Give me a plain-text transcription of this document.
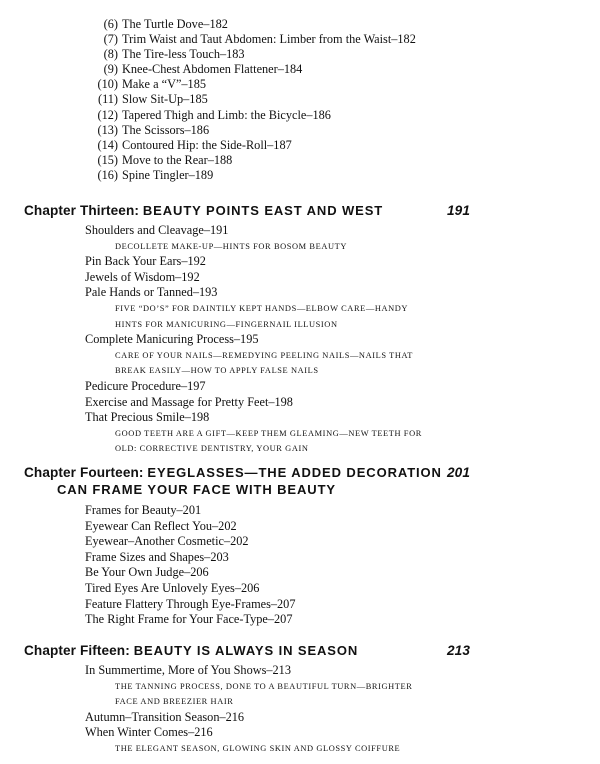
(6) The Turtle Dove–182
(7) Trim Waist and Taut Abdomen: Limber from the Waist–182
(8) The Tire-less Touch–183
(9) Knee-Chest Abdomen Flattener–184
(10) Make a “V”–185
(11) Slow Sit-Up–185
(12) Tapered Thigh and Limb: the Bicycle–186
(13) The Scissors–186
(14) Contoured Hip: the Side-Roll–187
(15) Move to the Rear–188
(16) Spine Tingler–189
Chapter Thirteen: BEAUTY POINTS EAST AND WEST	191
Shoulders and Cleavage–191
DECOLLETE MAKE-UP—HINTS FOR BOSOM BEAUTY
Pin Back Your Ears–192
Jewels of Wisdom–192
Pale Hands or Tanned–193
FIVE “DO’S” FOR DAINTILY KEPT HANDS—ELBOW CARE—HANDY HINTS FOR MANICURING—FINGERNAIL ILLUSION
Complete Manicuring Process–195
CARE OF YOUR NAILS—REMEDYING PEELING NAILS—NAILS THAT BREAK EASILY—HOW TO APPLY FALSE NAILS
Pedicure Procedure–197
Exercise and Massage for Pretty Feet–198
That Precious Smile–198
GOOD TEETH ARE A GIFT—KEEP THEM GLEAMING—NEW TEETH FOR OLD: CORRECTIVE DENTISTRY, YOUR GAIN
Chapter Fourteen: EYEGLASSES—THE ADDED DECORATION
CAN FRAME YOUR FACE WITH BEAUTY
201
Frames for Beauty–201
Eyewear Can Reflect You–202
Eyewear–Another Cosmetic–202
Frame Sizes and Shapes–203
Be Your Own Judge–206
Tired Eyes Are Unlovely Eyes–206
Feature Flattery Through Eye-Frames–207
The Right Frame for Your Face-Type–207
Chapter Fifteen: BEAUTY IS ALWAYS IN SEASON	213
In Summertime, More of You Shows–213
THE TANNING PROCESS, DONE TO A BEAUTIFUL TURN—BRIGHTER FACE AND BREEZIER HAIR
Autumn–Transition Season–216
When Winter Comes–216
THE ELEGANT SEASON, GLOWING SKIN AND GLOSSY COIFFURE
